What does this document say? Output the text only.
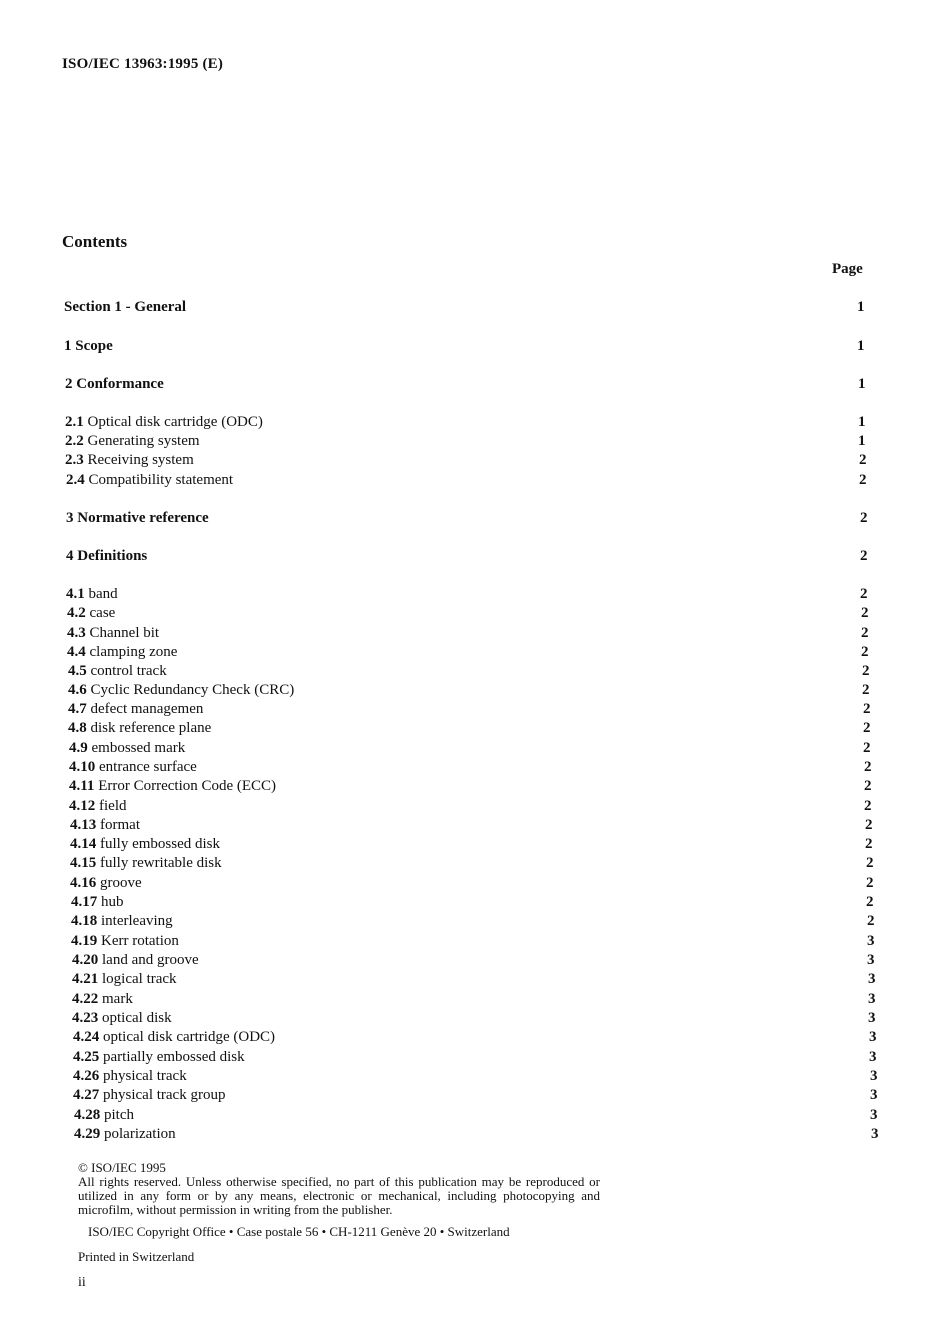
ISO/IEC 13963:1995 (E)
Contents
Page
Section 1 - General	1
1 Scope	1
2 Conformance	1
2.1 Optical disk cartridge (ODC)	1
2.2 Generating system	1
2.3 Receiving system	2
2.4 Compatibility statement	2
3 Normative reference	2
4 Definitions	2
4.1 band	2
4.2 case	2
4.3 Channel bit	2
4.4 clamping zone	2
4.5 control track	2
4.6 Cyclic Redundancy Check (CRC)	2
4.7 defect managemen	2
4.8 disk reference plane	2
4.9 embossed mark	2
4.10 entrance surface	2
4.11 Error Correction Code (ECC)	2
4.12 field	2
4.13 format	2
4.14 fully embossed disk	2
4.15 fully rewritable disk	2
4.16 groove	2
4.17 hub	2
4.18 interleaving	2
4.19 Kerr rotation	3
4.20 land and groove	3
4.21 logical track	3
4.22 mark	3
4.23 optical disk	3
4.24 optical disk cartridge (ODC)	3
4.25 partially embossed disk	3
4.26 physical track	3
4.27 physical track group	3
4.28 pitch	3
4.29 polarization	3
© ISO/IEC 1995
All rights reserved. Unless otherwise specified, no part of this publication may be reproduced or utilized in any form or by any means, electronic or mechanical, including photocopying and microfilm, without permission in writing from the publisher.
ISO/IEC Copyright Office • Case postale 56 • CH-1211 Genève 20 • Switzerland
Printed in Switzerland
ii
